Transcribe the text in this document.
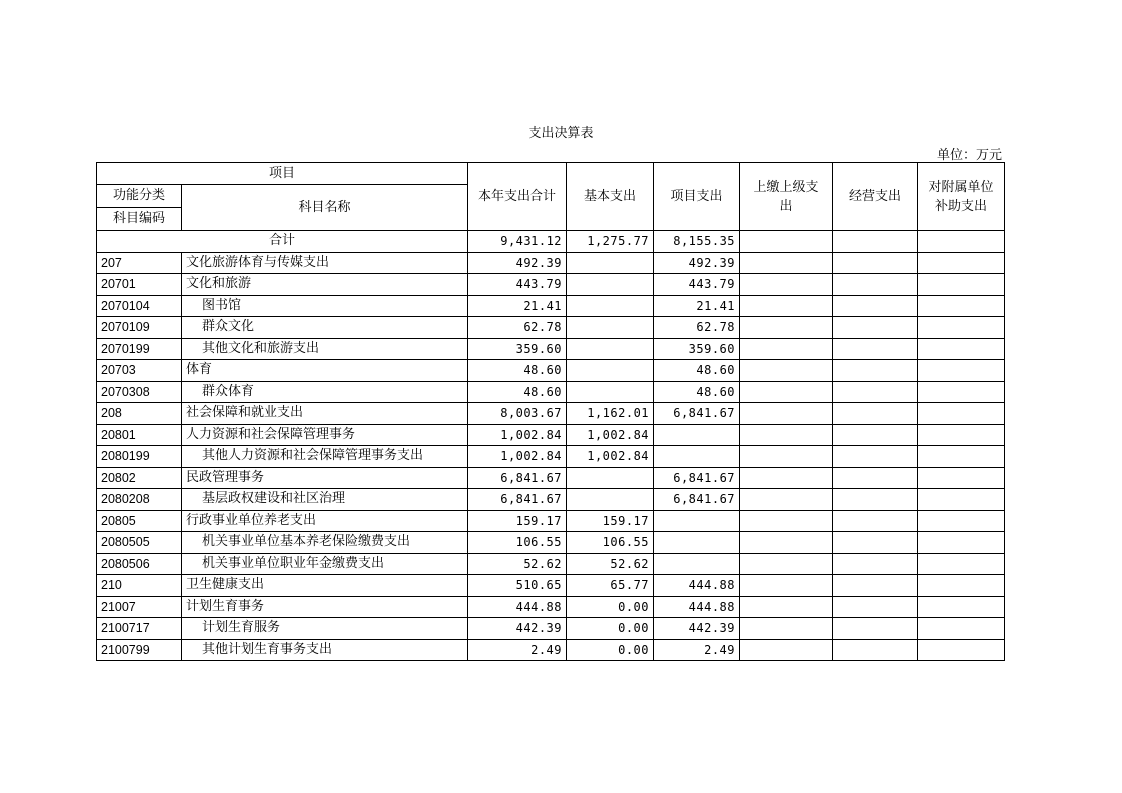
支出决算表
单位：万元
项目		本年支出合计	基本支出	项目支出	上缴上级支出	经营支出	对附属单位补助支出
功能分类	科目名称						
科目编码							
合计		9,431.12	1,275.77	8,155.35			
207	文化旅游体育与传媒支出	492.39		492.39			
20701	文化和旅游	443.79		443.79			
2070104	图书馆	21.41		21.41			
2070109	群众文化	62.78		62.78			
2070199	其他文化和旅游支出	359.60		359.60			
20703	体育	48.60		48.60			
2070308	群众体育	48.60		48.60			
208	社会保障和就业支出	8,003.67	1,162.01	6,841.67			
20801	人力资源和社会保障管理事务	1,002.84	1,002.84				
2080199	其他人力资源和社会保障管理事务支出	1,002.84	1,002.84				
20802	民政管理事务	6,841.67		6,841.67			
2080208	基层政权建设和社区治理	6,841.67		6,841.67			
20805	行政事业单位养老支出	159.17	159.17				
2080505	机关事业单位基本养老保险缴费支出	106.55	106.55				
2080506	机关事业单位职业年金缴费支出	52.62	52.62				
210	卫生健康支出	510.65	65.77	444.88			
21007	计划生育事务	444.88	0.00	444.88			
2100717	计划生育服务	442.39	0.00	442.39			
2100799	其他计划生育事务支出	2.49	0.00	2.49			
